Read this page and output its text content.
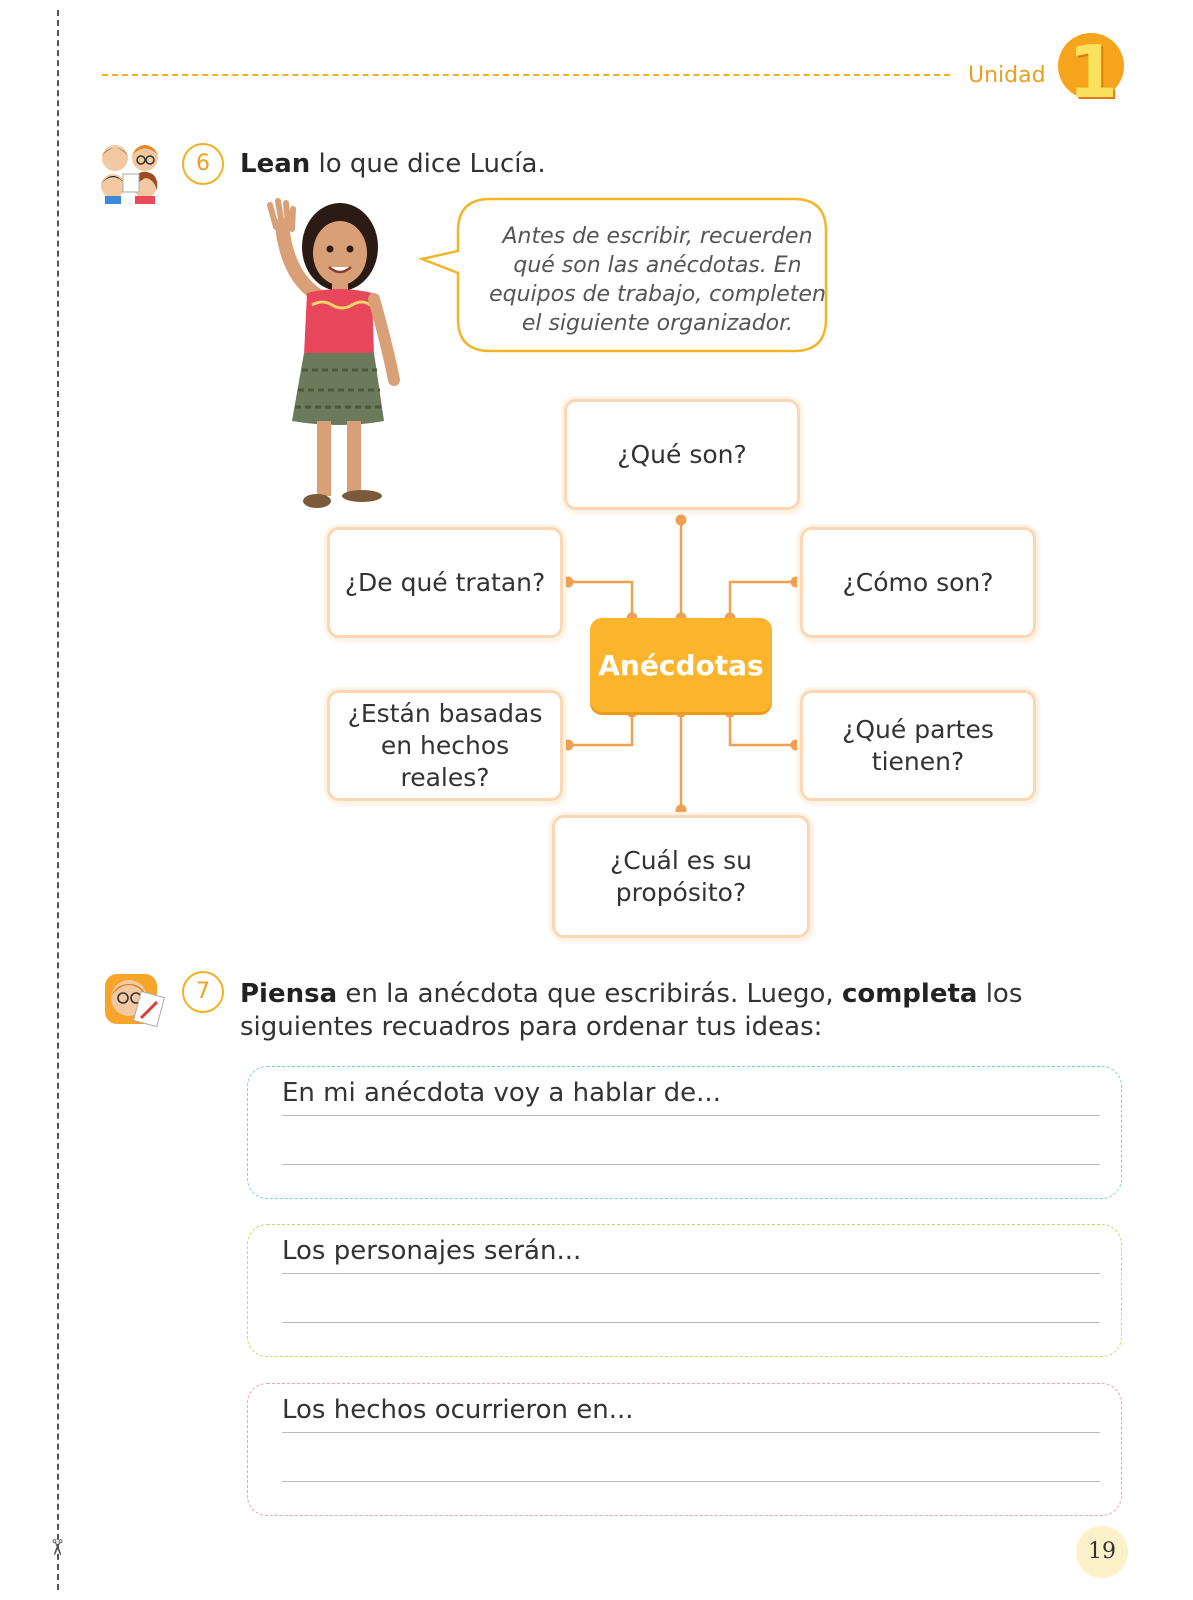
✂
Unidad 1
6	Lean lo que dice Lucía.
Antes de escribir, recuerden qué son las anécdotas. En equipos de trabajo, completen el siguiente organizador.
¿Qué son?
¿De qué tratan?	¿Cómo son?
Anécdotas
¿Están basadas en hechos reales?
¿Qué partes tienen?
¿Cuál es su propósito?
7	Piensa en la anécdota que escribirás. Luego, completa los siguientes recuadros para ordenar tus ideas:
En mi anécdota voy a hablar de...
Los personajes serán...
Los hechos ocurrieron en...
19
